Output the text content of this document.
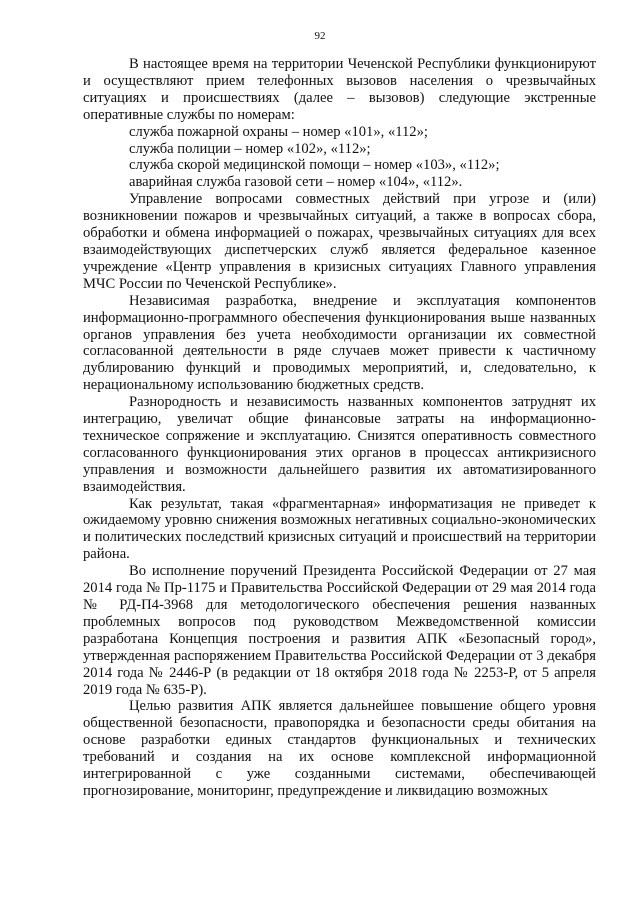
92

В настоящее время на территории Чеченской Республики функционируют и осуществляют прием телефонных вызовов населения о чрезвычайных ситуациях и происшествиях (далее – вызовов) следующие экстренные оперативные службы по номерам:

служба пожарной охраны – номер «101», «112»;

служба полиции – номер «102», «112»;

служба скорой медицинской помощи – номер «103», «112»;

аварийная служба газовой сети – номер «104», «112».

Управление вопросами совместных действий при угрозе и (или) возникновении пожаров и чрезвычайных ситуаций, а также в вопросах сбора, обработки и обмена информацией о пожарах, чрезвычайных ситуациях для всех взаимодействующих диспетчерских служб является федеральное казенное учреждение «Центр управления в кризисных ситуациях Главного управления МЧС России по Чеченской Республике».

Независимая разработка, внедрение и эксплуатация компонентов информационно-программного обеспечения функционирования выше названных органов управления без учета необходимости организации их совместной согласованной деятельности в ряде случаев может привести к частичному дублированию функций и проводимых мероприятий, и, следовательно, к нерациональному использованию бюджетных средств.

Разнородность и независимость названных компонентов затруднят их интеграцию, увеличат общие финансовые затраты на информационно-техническое сопряжение и эксплуатацию. Снизятся оперативность совместного согласованного функционирования этих органов в процессах антикризисного управления и возможности дальнейшего развития их автоматизированного взаимодействия.

Как результат, такая «фрагментарная» информатизация не приведет к ожидаемому уровню снижения возможных негативных социально-экономических и политических последствий кризисных ситуаций и происшествий на территории района.

Во исполнение поручений Президента Российской Федерации от 27 мая 2014 года № Пр-1175 и Правительства Российской Федерации от 29 мая 2014 года № РД-П4-3968 для методологического обеспечения решения названных проблемных вопросов под руководством Межведомственной комиссии разработана Концепция построения и развития АПК «Безопасный город», утвержденная распоряжением Правительства Российской Федерации от 3 декабря 2014 года № 2446-Р (в редакции от 18 октября 2018 года № 2253-Р, от 5 апреля 2019 года № 635-Р).

Целью развития АПК является дальнейшее повышение общего уровня общественной безопасности, правопорядка и безопасности среды обитания на основе разработки единых стандартов функциональных и технических требований и создания на их основе комплексной информационной интегрированной с уже созданными системами, обеспечивающей прогнозирование, мониторинг, предупреждение и ликвидацию возможных
